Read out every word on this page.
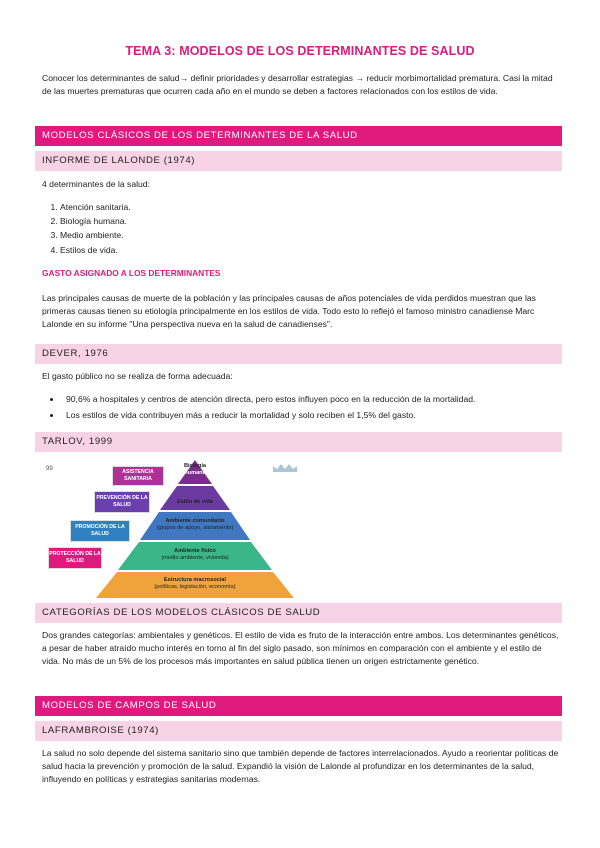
TEMA 3: MODELOS DE LOS DETERMINANTES DE SALUD
Conocer los determinantes de salud→ definir prioridades y desarrollar estrategias → reducir morbimortalidad prematura. Casi la mitad de las muertes prematuras que ocurren cada año en el mundo se deben a factores relacionados con los estilos de vida.
MODELOS CLÁSICOS DE LOS DETERMINANTES DE LA SALUD
INFORME DE LALONDE (1974)
4 determinantes de la salud:
1. Atención sanitaria.
2. Biología humana.
3. Medio ambiente.
4. Estilos de vida.
GASTO ASIGNADO A LOS DETERMINANTES
Las principales causas de muerte de la población y las principales causas de años potenciales de vida perdidos muestran que las primeras causas tienen su etiología principalmente en los estilos de vida. Todo esto lo reflejó el famoso ministro canadiense Marc Lalonde en su informe "Una perspectiva nueva en la salud de canadienses".
DEVER, 1976
El gasto público no se realiza de forma adecuada:
• 90,6% a hospitales y centros de atención directa, pero estos influyen poco en la reducción de la mortalidad.
• Los estilos de vida contribuyen más a reducir la mortalidad y solo reciben el 1,5% del gasto.
TARLOV, 1999
99	Biología
humana
Estilo de vida
Ambiente comunitario
(grupos de apoyo, aislamiento)
Ambiente físico
(medio ambiente, vivienda)
Estructura macrosocial
(políticas, legislación, economía)
ASISTENCIA SANITARIA
PREVENCIÓN DE LA SALUD
PROMOCIÓN DE LA SALUD
PROTECCIÓN DE LA SALUD
CATEGORÍAS DE LOS MODELOS CLÁSICOS DE SALUD
Dos grandes categorías: ambientales y genéticos. El estilo de vida es fruto de la interacción entre ambos. Los determinantes genéticos, a pesar de haber atraído mucho interés en torno al fin del siglo pasado, son mínimos en comparación con el ambiente y el estilo de vida. No más de un 5% de los procesos más importantes en salud pública tienen un origen estrictamente genético.
MODELOS DE CAMPOS DE SALUD
LAFRAMBROISE (1974)
La salud no solo depende del sistema sanitario sino que también depende de factores interrelacionados. Ayudo a reorientar políticas de salud hacia la prevención y promoción de la salud. Expandió la visión de Lalonde al profundizar en los determinantes de la salud, influyendo en políticas y estrategias sanitarias modernas.
